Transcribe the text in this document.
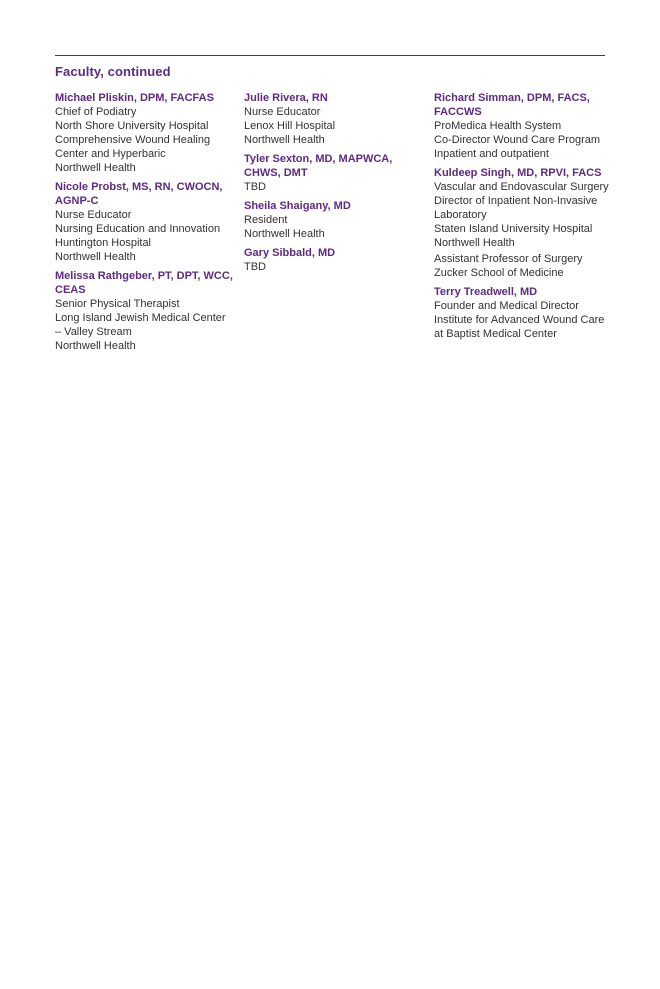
Faculty, continued
Michael Pliskin, DPM, FACFAS
Chief of Podiatry
North Shore University Hospital
Comprehensive Wound Healing Center and Hyperbaric
Northwell Health
Nicole Probst, MS, RN, CWOCN, AGNP-C
Nurse Educator
Nursing Education and Innovation
Huntington Hospital
Northwell Health
Melissa Rathgeber, PT, DPT, WCC, CEAS
Senior Physical Therapist
Long Island Jewish Medical Center – Valley Stream
Northwell Health
Julie Rivera, RN
Nurse Educator
Lenox Hill Hospital
Northwell Health
Tyler Sexton, MD, MAPWCA, CHWS, DMT
TBD
Sheila Shaigany, MD
Resident
Northwell Health
Gary Sibbald, MD
TBD
Richard Simman, DPM, FACS, FACCWS
ProMedica Health System
Co-Director Wound Care Program
Inpatient and outpatient
Kuldeep Singh, MD, RPVI, FACS
Vascular and Endovascular Surgery
Director of Inpatient Non-Invasive Laboratory
Staten Island University Hospital
Northwell Health
Assistant Professor of Surgery
Zucker School of Medicine
Terry Treadwell, MD
Founder and Medical Director
Institute for Advanced Wound Care at Baptist Medical Center
